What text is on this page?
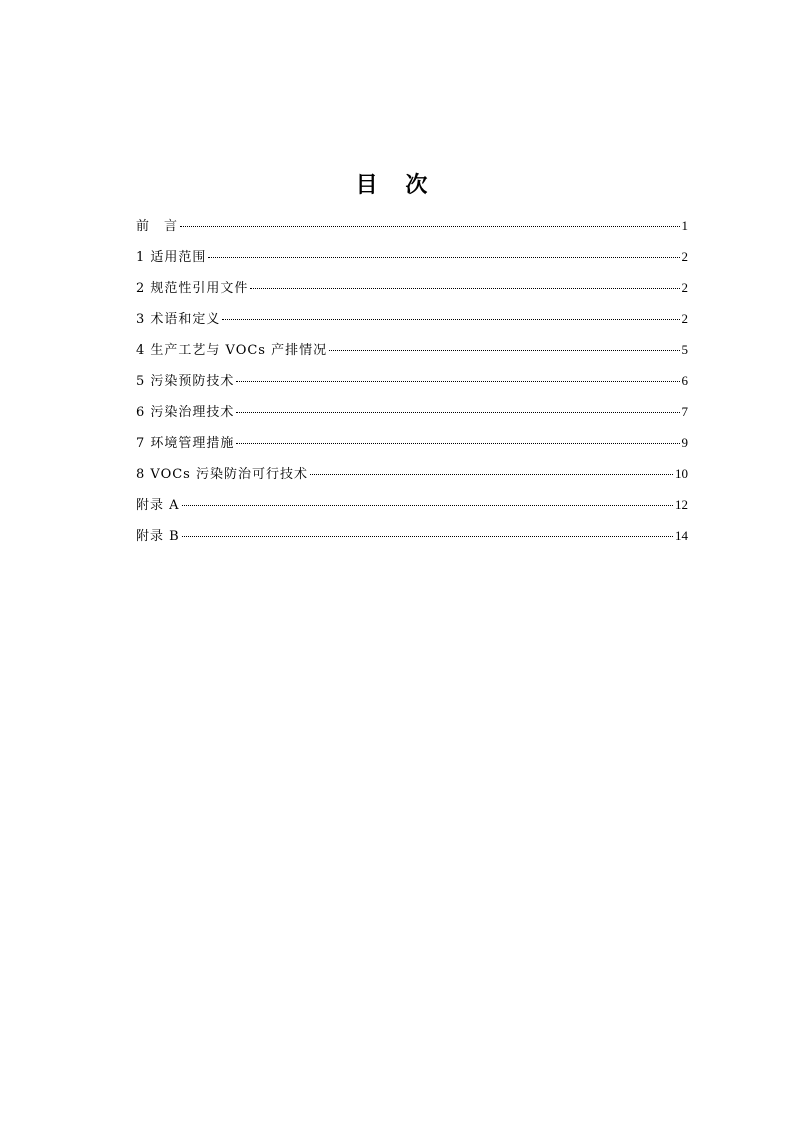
目 次
前　言	1
1 适用范围	2
2 规范性引用文件	2
3 术语和定义	2
4 生产工艺与 VOCs 产排情况	5
5 污染预防技术	6
6 污染治理技术	7
7 环境管理措施	9
8 VOCs 污染防治可行技术	10
附录 A	12
附录 B	14
